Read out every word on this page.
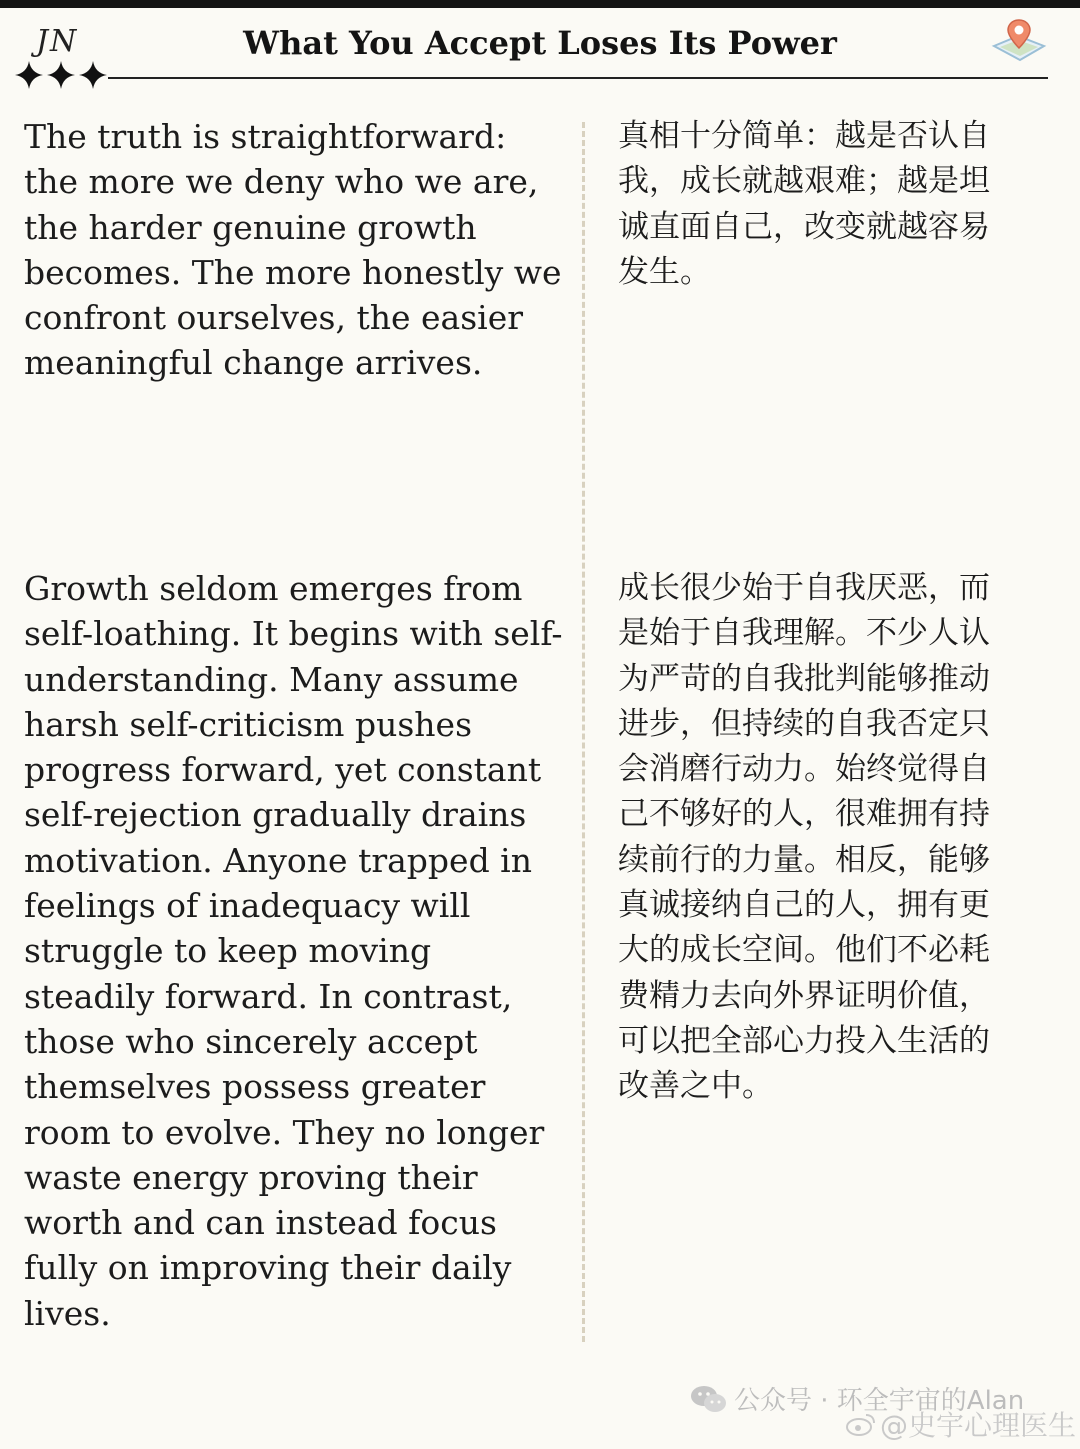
JN	What You Accept Loses Its Power

The truth is straightforward: the more we deny who we are, the harder genuine growth becomes. The more honestly we confront ourselves, the easier meaningful change arrives.

真相十分简单：越是否认自我，成长就越艰难；越是坦诚直面自己，改变就越容易发生。

Growth seldom emerges from self-loathing. It begins with self-understanding. Many assume harsh self-criticism pushes progress forward, yet constant self-rejection gradually drains motivation. Anyone trapped in feelings of inadequacy will struggle to keep moving steadily forward. In contrast, those who sincerely accept themselves possess greater room to evolve. They no longer waste energy proving their worth and can instead focus fully on improving their daily lives.

成长很少始于自我厌恶，而是始于自我理解。不少人认为严苛的自我批判能够推动进步，但持续的自我否定只会消磨行动力。始终觉得自己不够好的人，很难拥有持续前行的力量。相反，能够真诚接纳自己的人，拥有更大的成长空间。他们不必耗费精力去向外界证明价值，可以把全部心力投入生活的改善之中。

公众号 · 环全宇宙的Alan
@史宇心理医生
